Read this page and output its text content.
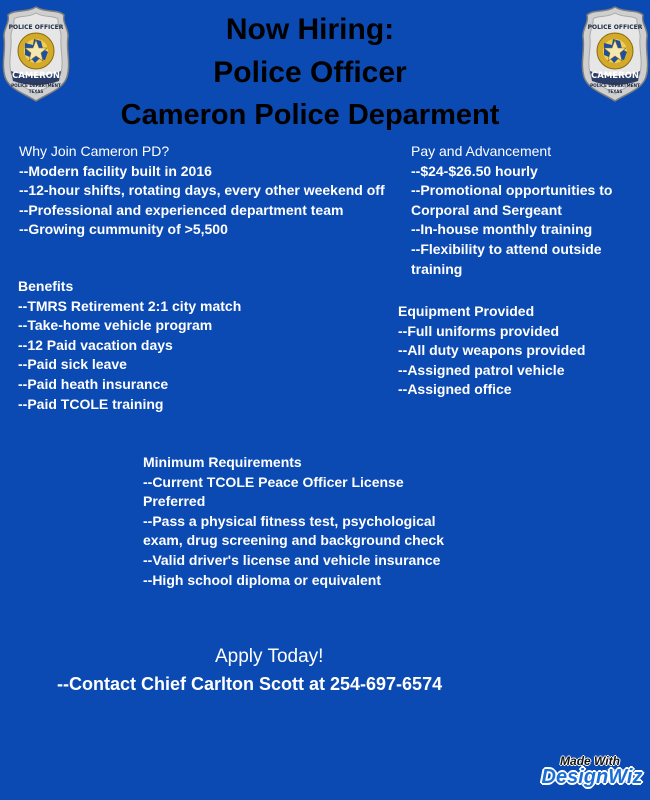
POLICE OFFICER
CAMERON
POLICE DEPARTMENT
TEXAS
POLICE OFFICER
CAMERON
POLICE DEPARTMENT
TEXAS
Now Hiring:
Police Officer
Cameron Police Deparment
Why Join Cameron PD?
--Modern facility built in 2016
--12-hour shifts, rotating days, every other weekend off
--Professional and experienced department team
--Growing cummunity of >5,500
Pay and Advancement
--$24-$26.50 hourly
--Promotional opportunities to Corporal and Sergeant
--In-house monthly training
--Flexibility to attend outside training
Benefits
--TMRS Retirement 2:1 city match
--Take-home vehicle program
--12 Paid vacation days
--Paid sick leave
--Paid heath insurance
--Paid TCOLE training
Equipment Provided
--Full uniforms provided
--All duty weapons provided
--Assigned patrol vehicle
--Assigned office
Minimum Requirements
--Current TCOLE Peace Officer License Preferred
--Pass a physical fitness test, psychological exam, drug screening and background check
--Valid driver's license and vehicle insurance
--High school diploma or equivalent
Apply Today!
--Contact Chief Carlton Scott at 254-697-6574
Made With
DesignWiz
